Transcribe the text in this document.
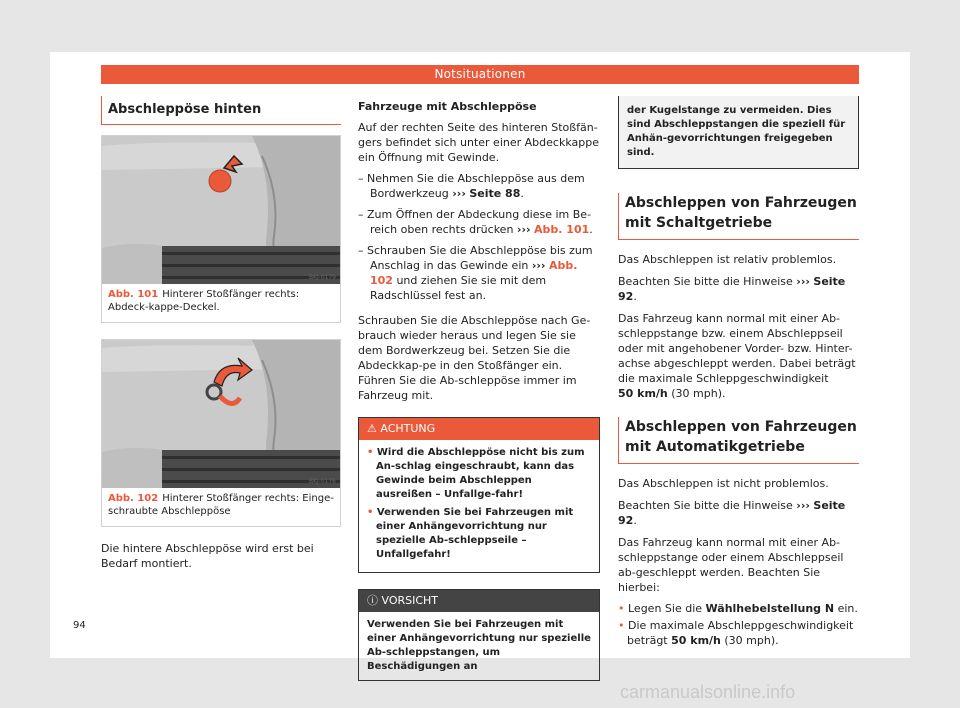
Notsituationen
Abschleppöse hinten
BKJ-0179
Abb. 101 Hinterer Stoßfänger rechts: Abdeck-kappe-Deckel.
BKJ-0176
Abb. 102 Hinterer Stoßfänger rechts: Einge-schraubte Abschleppöse

Die hintere Abschleppöse wird erst bei Bedarf montiert.

Fahrzeuge mit Abschleppöse

Auf der rechten Seite des hinteren Stoßfän-gers befindet sich unter einer Abdeckkappe ein Öffnung mit Gewinde.

– Nehmen Sie die Abschleppöse aus dem Bordwerkzeug ››› Seite 88.
– Zum Öffnen der Abdeckung diese im Be-reich oben rechts drücken ››› Abb. 101.
– Schrauben Sie die Abschleppöse bis zum Anschlag in das Gewinde ein ››› Abb. 102 und ziehen Sie sie mit dem Radschlüssel fest an.

Schrauben Sie die Abschleppöse nach Ge-brauch wieder heraus und legen Sie sie dem Bordwerkzeug bei. Setzen Sie die Abdeckkap-pe in den Stoßfänger ein. Führen Sie die Ab-schleppöse immer im Fahrzeug mit.

⚠ ACHTUNG
• Wird die Abschleppöse nicht bis zum An-schlag eingeschraubt, kann das Gewinde beim Abschleppen ausreißen – Unfallge-fahr!
• Verwenden Sie bei Fahrzeugen mit einer Anhängevorrichtung nur spezielle Ab-schleppseile – Unfallgefahr!
ⓘ VORSICHT
Verwenden Sie bei Fahrzeugen mit einer Anhängevorrichtung nur spezielle Ab-schleppstangen, um Beschädigungen an
der Kugelstange zu vermeiden. Dies sind Abschleppstangen die speziell für Anhän-gevorrichtungen freigegeben sind.
Abschleppen von Fahrzeugen mit Schaltgetriebe

Das Abschleppen ist relativ problemlos.

Beachten Sie bitte die Hinweise ››› Seite 92.

Das Fahrzeug kann normal mit einer Ab-schleppstange bzw. einem Abschleppseil oder mit angehobener Vorder- bzw. Hinter-achse abgeschleppt werden. Dabei beträgt die maximale Schleppgeschwindigkeit
50 km/h (30 mph).

Abschleppen von Fahrzeugen mit Automatikgetriebe

Das Abschleppen ist nicht problemlos.

Beachten Sie bitte die Hinweise ››› Seite 92.

Das Fahrzeug kann normal mit einer Ab-schleppstange oder einem Abschleppseil ab-geschleppt werden. Beachten Sie hierbei:

• Legen Sie die Wählhebelstellung N ein.
• Die maximale Abschleppgeschwindigkeit beträgt 50 km/h (30 mph).
94
carmanualsonline.info
